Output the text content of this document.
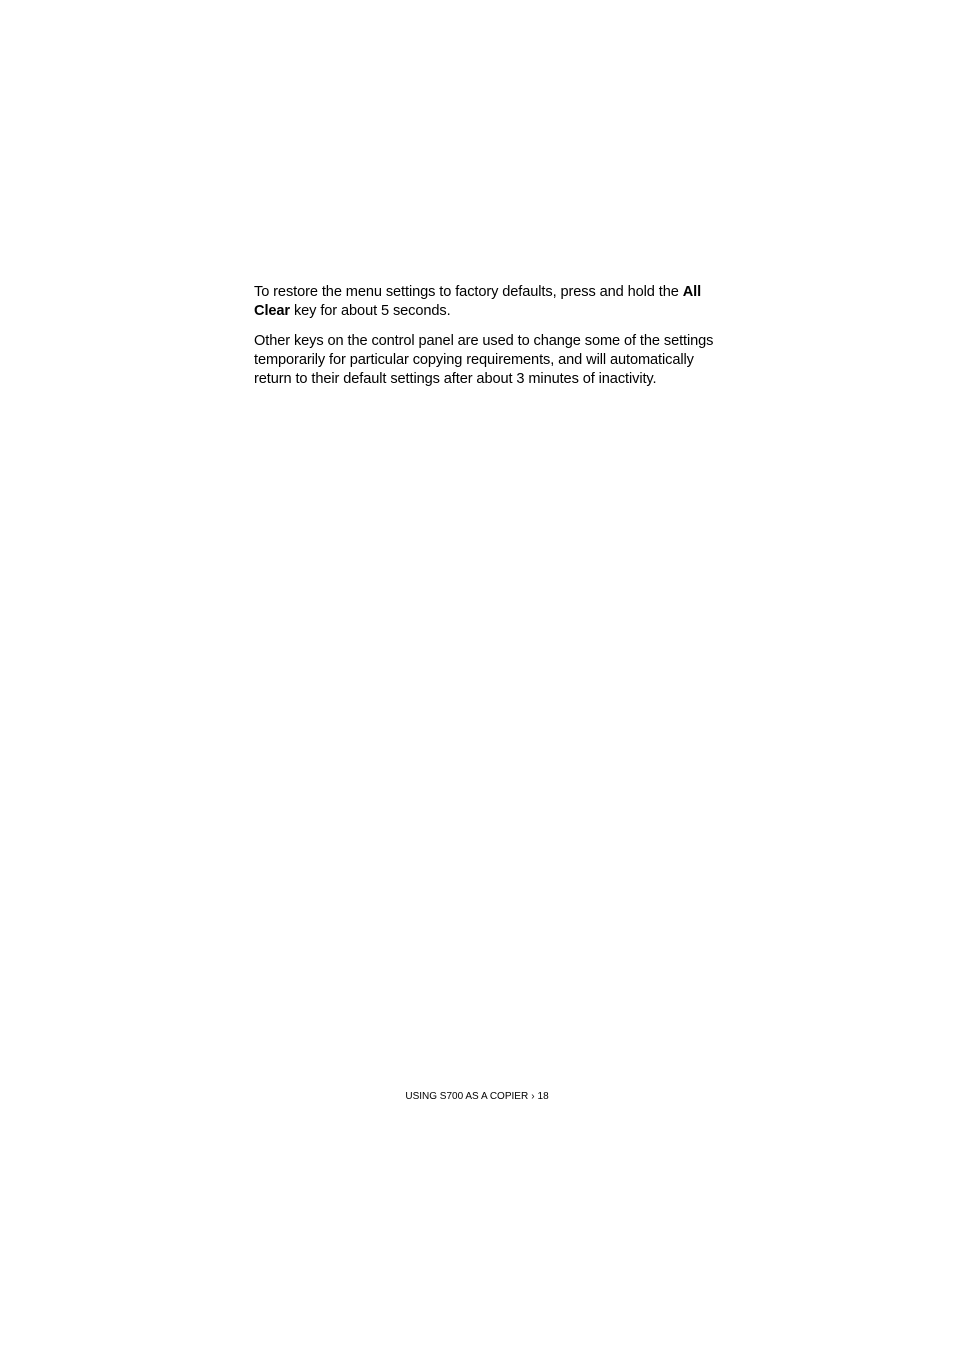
To restore the menu settings to factory defaults, press and hold the All Clear key for about 5 seconds.

Other keys on the control panel are used to change some of the settings temporarily for particular copying requirements, and will automatically return to their default settings after about 3 minutes of inactivity.

USING S700 AS A COPIER › 18
